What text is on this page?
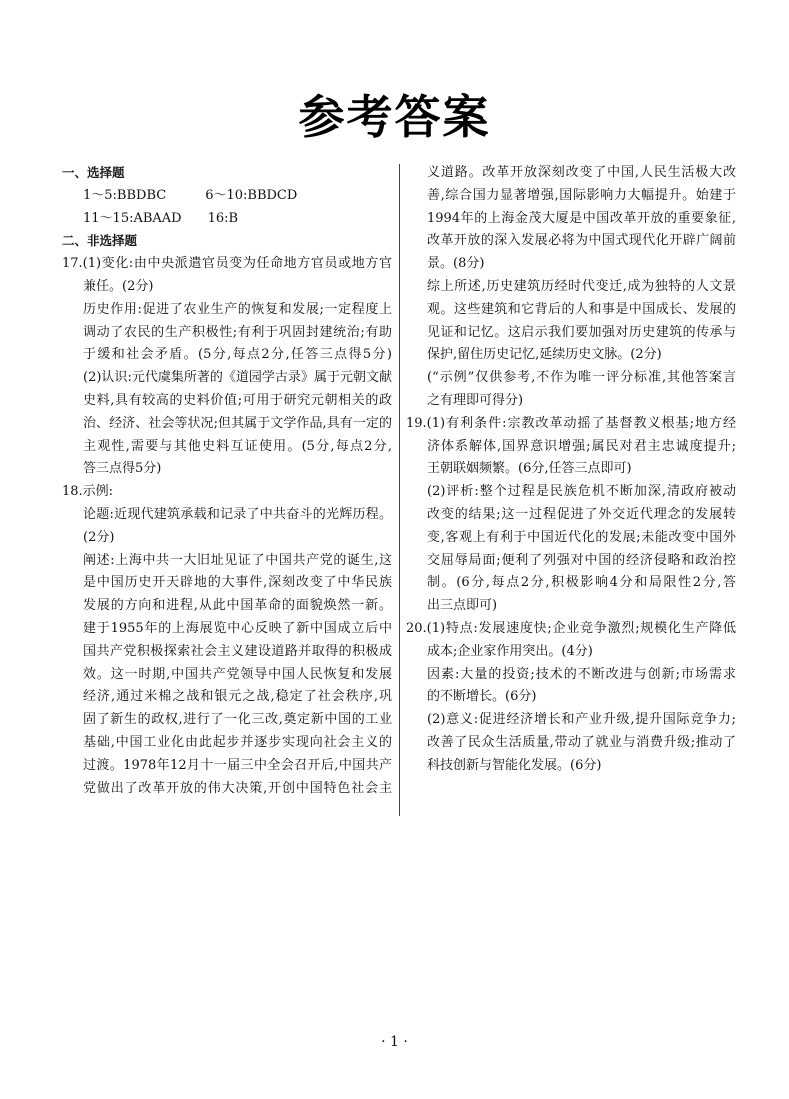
参考答案
一、选择题
1～5:BBDBC　　　6～10:BBDCD
11～15:ABAAD　　16:B
二、非选择题
17.(1)变化:由中央派遣官员变为任命地方官员或地方官
兼任。(2分)
历史作用:促进了农业生产的恢复和发展;一定程度上
调动了农民的生产积极性;有利于巩固封建统治;有助
于缓和社会矛盾。(5分,每点2分,任答三点得5分)
(2)认识:元代虞集所著的《道园学古录》属于元朝文献
史料,具有较高的史料价值;可用于研究元朝相关的政
治、经济、社会等状况;但其属于文学作品,具有一定的
主观性,需要与其他史料互证使用。(5分,每点2分,
答三点得5分)
18.示例:
论题:近现代建筑承载和记录了中共奋斗的光辉历程。
(2分)
阐述:上海中共一大旧址见证了中国共产党的诞生,这
是中国历史开天辟地的大事件,深刻改变了中华民族
发展的方向和进程,从此中国革命的面貌焕然一新。
建于1955年的上海展览中心反映了新中国成立后中
国共产党积极探索社会主义建设道路并取得的积极成
效。这一时期,中国共产党领导中国人民恢复和发展
经济,通过米棉之战和银元之战,稳定了社会秩序,巩
固了新生的政权,进行了一化三改,奠定新中国的工业
基础,中国工业化由此起步并逐步实现向社会主义的
过渡。1978年12月十一届三中全会召开后,中国共产
党做出了改革开放的伟大决策,开创中国特色社会主
义道路。改革开放深刻改变了中国,人民生活极大改
善,综合国力显著增强,国际影响力大幅提升。始建于
1994年的上海金茂大厦是中国改革开放的重要象征,
改革开放的深入发展必将为中国式现代化开辟广阔前
景。(8分)
综上所述,历史建筑历经时代变迁,成为独特的人文景
观。这些建筑和它背后的人和事是中国成长、发展的
见证和记忆。这启示我们要加强对历史建筑的传承与
保护,留住历史记忆,延续历史文脉。(2分)
(“示例”仅供参考,不作为唯一评分标准,其他答案言
之有理即可得分)
19.(1)有利条件:宗教改革动摇了基督教义根基;地方经
济体系解体,国界意识增强;属民对君主忠诚度提升;
王朝联姻频繁。(6分,任答三点即可)
(2)评析:整个过程是民族危机不断加深,清政府被动
改变的结果;这一过程促进了外交近代理念的发展转
变,客观上有利于中国近代化的发展;未能改变中国外
交屈辱局面;便利了列强对中国的经济侵略和政治控
制。(6分,每点2分,积极影响4分和局限性2分,答
出三点即可)
20.(1)特点:发展速度快;企业竞争激烈;规模化生产降低
成本;企业家作用突出。(4分)
因素:大量的投资;技术的不断改进与创新;市场需求
的不断增长。(6分)
(2)意义:促进经济增长和产业升级,提升国际竞争力;
改善了民众生活质量,带动了就业与消费升级;推动了
科技创新与智能化发展。(6分)
· 1 ·
